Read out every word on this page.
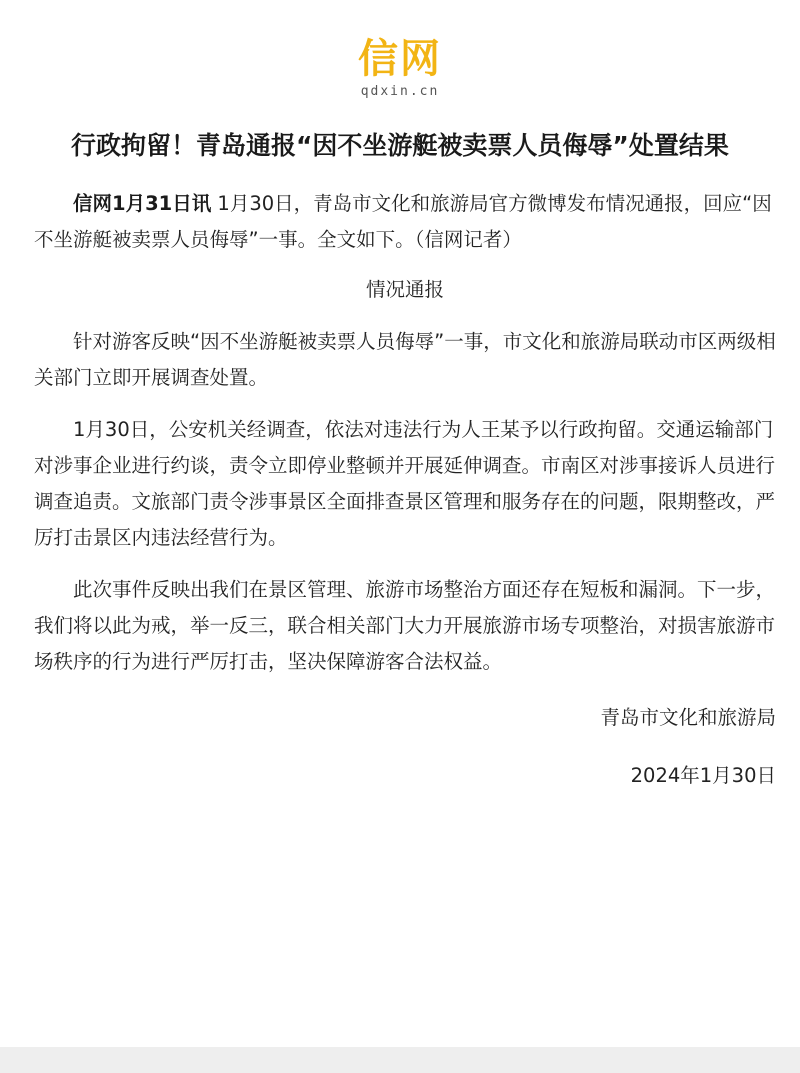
信网
qdxin.cn
行政拘留！青岛通报“因不坐游艇被卖票人员侮辱”处置结果

信网1月31日讯 1月30日，青岛市文化和旅游局官方微博发布情况通报，回应“因不坐游艇被卖票人员侮辱”一事。全文如下。（信网记者）

情况通报

针对游客反映“因不坐游艇被卖票人员侮辱”一事，市文化和旅游局联动市区两级相关部门立即开展调查处置。

1月30日，公安机关经调查，依法对违法行为人王某予以行政拘留。交通运输部门对涉事企业进行约谈，责令立即停业整顿并开展延伸调查。市南区对涉事接诉人员进行调查追责。文旅部门责令涉事景区全面排查景区管理和服务存在的问题，限期整改，严厉打击景区内违法经营行为。

此次事件反映出我们在景区管理、旅游市场整治方面还存在短板和漏洞。下一步，我们将以此为戒，举一反三，联合相关部门大力开展旅游市场专项整治，对损害旅游市场秩序的行为进行严厉打击，坚决保障游客合法权益。

青岛市文化和旅游局

2024年1月30日
